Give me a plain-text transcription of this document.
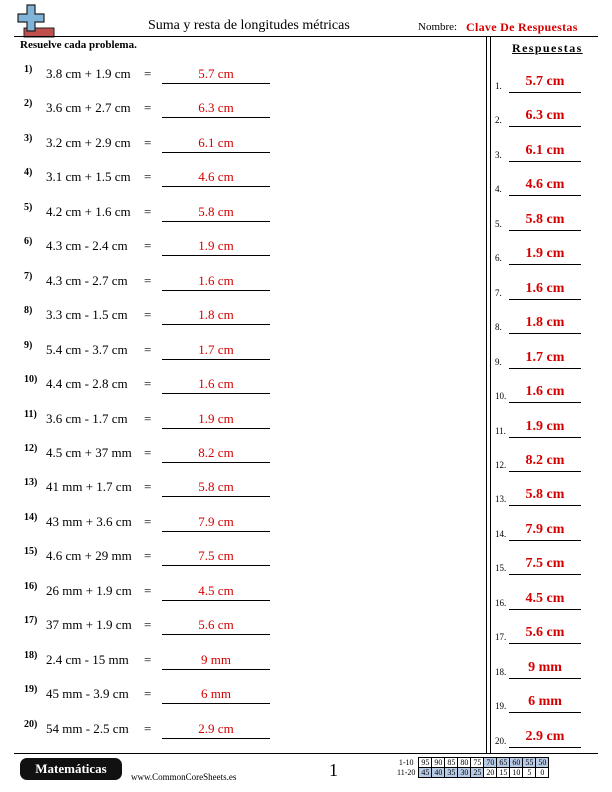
Suma y resta de longitudes métricas	Nombre: Clave De Respuestas
Resuelve cada problema.	Respuestas
1) 3.8 cm + 1.9 cm =	5.7 cm
2) 3.6 cm + 2.7 cm =	6.3 cm
3) 3.2 cm + 2.9 cm =	6.1 cm
4) 3.1 cm + 1.5 cm =	4.6 cm
5) 4.2 cm + 1.6 cm =	5.8 cm
6) 4.3 cm - 2.4 cm =	1.9 cm
7) 4.3 cm - 2.7 cm =	1.6 cm
8) 3.3 cm - 1.5 cm =	1.8 cm
9) 5.4 cm - 3.7 cm =	1.7 cm
10) 4.4 cm - 2.8 cm =	1.6 cm
11) 3.6 cm - 1.7 cm =	1.9 cm
12) 4.5 cm + 37 mm =	8.2 cm
13) 41 mm + 1.7 cm =	5.8 cm
14) 43 mm + 3.6 cm =	7.9 cm
15) 4.6 cm + 29 mm =	7.5 cm
16) 26 mm + 1.9 cm =	4.5 cm
17) 37 mm + 1.9 cm =	5.6 cm
18) 2.4 cm - 15 mm =	9 mm
19) 45 mm - 3.9 cm =	6 mm
20) 54 mm - 2.5 cm =	2.9 cm
1.	5.7 cm
2.	6.3 cm
3.	6.1 cm
4.	4.6 cm
5.	5.8 cm
6.	1.9 cm
7.	1.6 cm
8.	1.8 cm
9.	1.7 cm
10.	1.6 cm
11.	1.9 cm
12.	8.2 cm
13.	5.8 cm
14.	7.9 cm
15.	7.5 cm
16.	4.5 cm
17.	5.6 cm
18.	9 mm
19.	6 mm
20.	2.9 cm
Matemáticas
www.CommonCoreSheets.es	1	1-10	95	90	85	80	75	70	65	60	55	50
11-20	45	40	35	30	25	20	15	10	5	0
